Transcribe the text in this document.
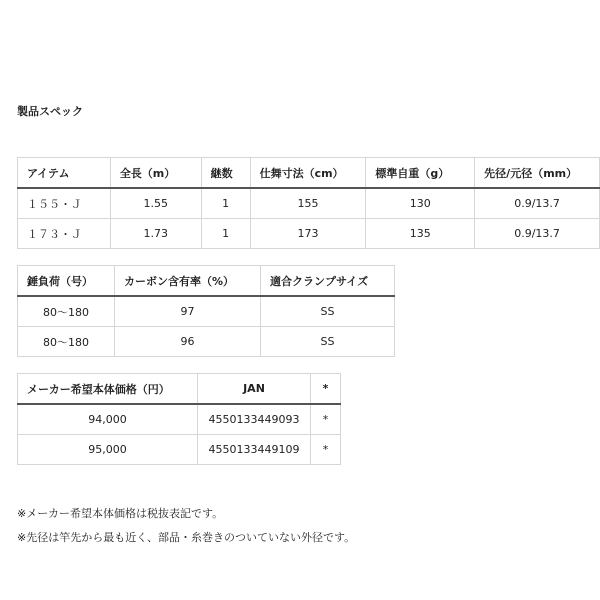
製品スペック
アイテム	全長（m）	継数	仕舞寸法（cm）	標準自重（g）	先径/元径（mm）
１５５・Ｊ	1.55	1	155	130	0.9/13.7
１７３・Ｊ	1.73	1	173	135	0.9/13.7
錘負荷（号）	カーボン含有率（%）	適合クランプサイズ
80〜180	97	SS
80〜180	96	SS
メーカー希望本体価格（円）	JAN	*
94,000	4550133449093	*
95,000	4550133449109	*
※メーカー希望本体価格は税抜表記です。
※先径は竿先から最も近く、部品・糸巻きのついていない外径です。
